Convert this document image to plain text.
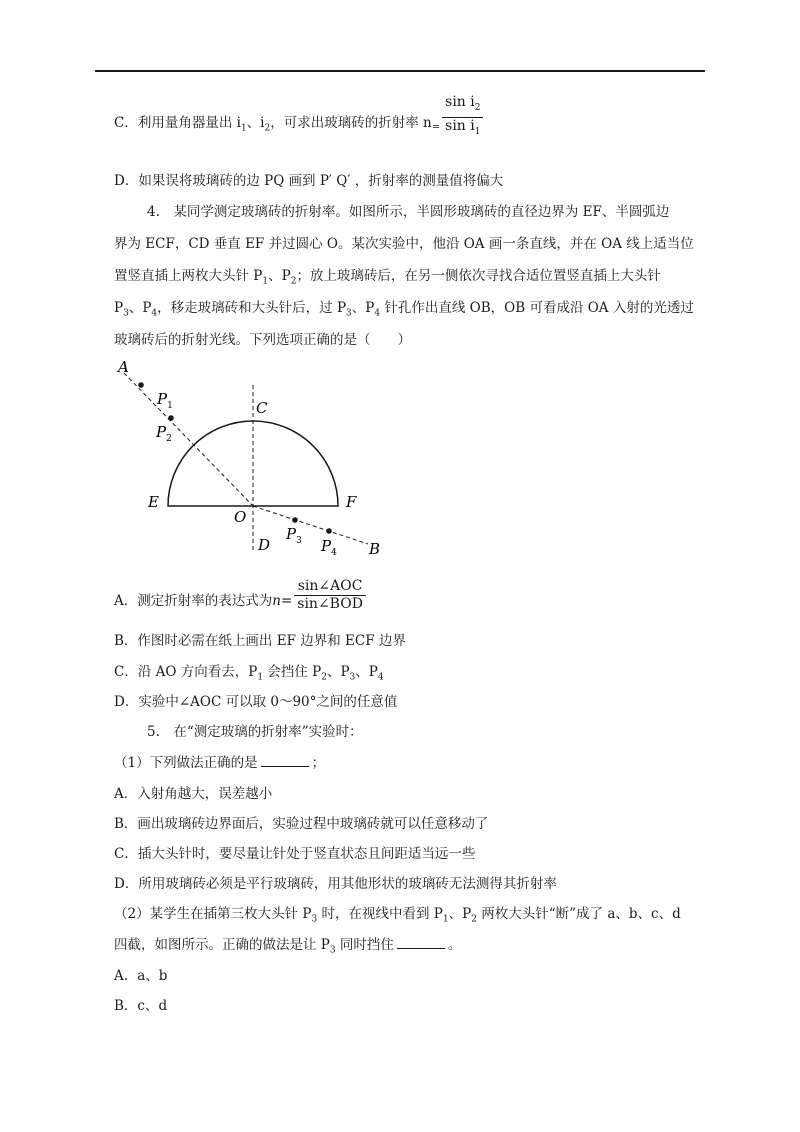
C．利用量角器量出 $i_1$、$i_2$，可求出玻璃砖的折射率 $n_= \frac{\sin i_2}{\sin i_1}$
D．如果误将玻璃砖的边 PQ 画到 P′ Q′ ，折射率的测量值将偏大
4.　某同学测定玻璃砖的折射率。如图所示，半圆形玻璃砖的直径边界为 EF、半圆弧边
界为 ECF，CD 垂直 EF 并过圆心 O。某次实验中，他沿 OA 画一条直线，并在 OA 线上适当位
置竖直插上两枚大头针 $P_1$、$P_2$；放上玻璃砖后，在另一侧依次寻找合适位置竖直插上大头针
$P_3$、$P_4$，移走玻璃砖和大头针后，过 $P_3$、$P_4$ 针孔作出直线 OB，OB 可看成沿 OA 入射的光透过
玻璃砖后的折射光线。下列选项正确的是（　　）
A
$P_1$
$P_2$
C
E	F
O
D
$P_3$ $P_4$ B
A．测定折射率的表达式为$n= \frac{\text{sin∠AOC}}{\text{sin∠BOD}}$
B．作图时必需在纸上画出 EF 边界和 ECF 边界
C．沿 AO 方向看去，$P_1$ 会挡住 $P_2$、$P_3$、$P_4$
D．实验中∠AOC 可以取 0～90°之间的任意值
5.　在“测定玻璃的折射率”实验时：
（1）下列做法正确的是	；
A．入射角越大，误差越小
B．画出玻璃砖边界面后，实验过程中玻璃砖就可以任意移动了
C．插大头针时，要尽量让针处于竖直状态且间距适当远一些
D．所用玻璃砖必须是平行玻璃砖，用其他形状的玻璃砖无法测得其折射率
（2）某学生在插第三枚大头针 $P_3$ 时，在视线中看到 $P_1$、$P_2$ 两枚大头针“断”成了 a、b、c、d
四截，如图所示。正确的做法是让 $P_3$ 同时挡住	。
A．a、b
B．c、d
